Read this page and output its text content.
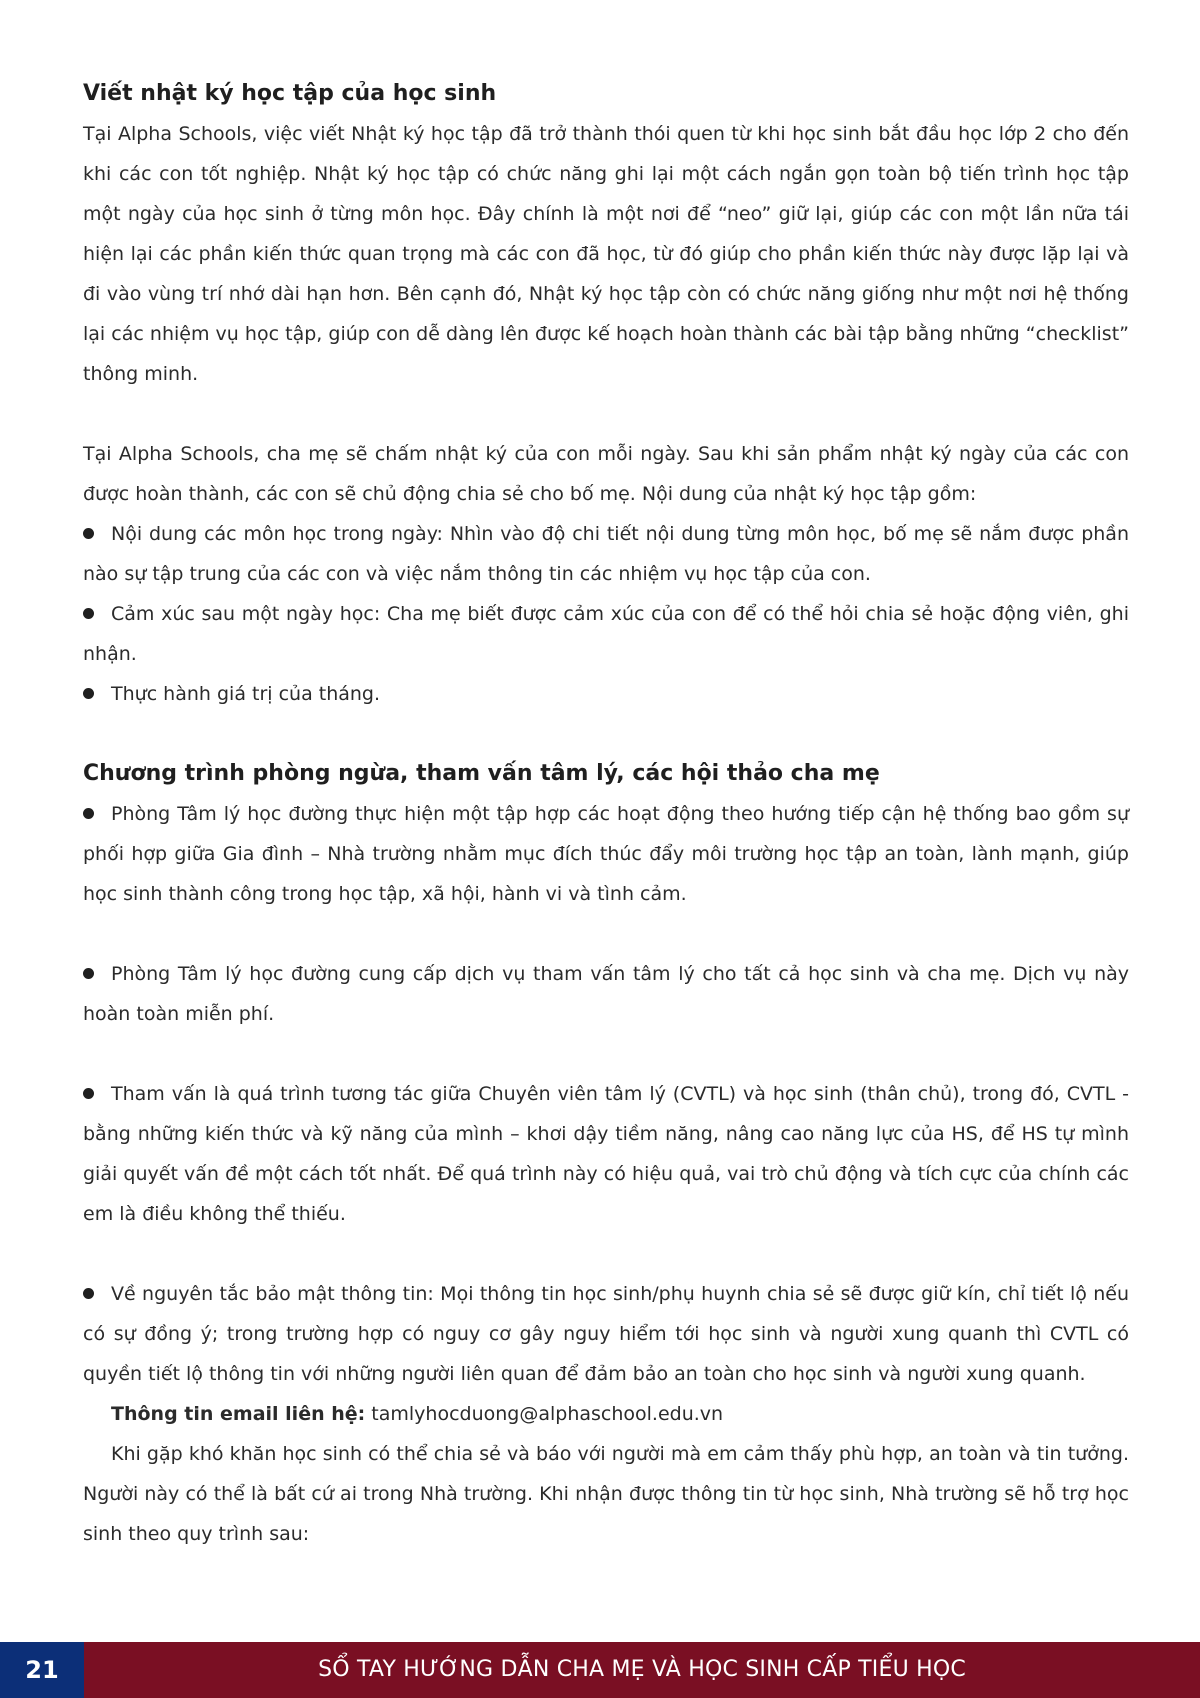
Viết nhật ký học tập của học sinh

Tại Alpha Schools, việc viết Nhật ký học tập đã trở thành thói quen từ khi học sinh bắt đầu học lớp 2 cho đến khi các con tốt nghiệp. Nhật ký học tập có chức năng ghi lại một cách ngắn gọn toàn bộ tiến trình học tập một ngày của học sinh ở từng môn học. Đây chính là một nơi để “neo” giữ lại, giúp các con một lần nữa tái hiện lại các phần kiến thức quan trọng mà các con đã học, từ đó giúp cho phần kiến thức này được lặp lại và đi vào vùng trí nhớ dài hạn hơn. Bên cạnh đó, Nhật ký học tập còn có chức năng giống như một nơi hệ thống lại các nhiệm vụ học tập, giúp con dễ dàng lên được kế hoạch hoàn thành các bài tập bằng những “checklist” thông minh.

Tại Alpha Schools, cha mẹ sẽ chấm nhật ký của con mỗi ngày. Sau khi sản phẩm nhật ký ngày của các con được hoàn thành, các con sẽ chủ động chia sẻ cho bố mẹ. Nội dung của nhật ký học tập gồm:

Nội dung các môn học trong ngày: Nhìn vào độ chi tiết nội dung từng môn học, bố mẹ sẽ nắm được phần nào sự tập trung của các con và việc nắm thông tin các nhiệm vụ học tập của con.

Cảm xúc sau một ngày học: Cha mẹ biết được cảm xúc của con để có thể hỏi chia sẻ hoặc động viên, ghi nhận.

Thực hành giá trị của tháng.

Chương trình phòng ngừa, tham vấn tâm lý, các hội thảo cha mẹ

Phòng Tâm lý học đường thực hiện một tập hợp các hoạt động theo hướng tiếp cận hệ thống bao gồm sự phối hợp giữa Gia đình – Nhà trường nhằm mục đích thúc đẩy môi trường học tập an toàn, lành mạnh, giúp học sinh thành công trong học tập, xã hội, hành vi và tình cảm.

Phòng Tâm lý học đường cung cấp dịch vụ tham vấn tâm lý cho tất cả học sinh và cha mẹ. Dịch vụ này hoàn toàn miễn phí.

Tham vấn là quá trình tương tác giữa Chuyên viên tâm lý (CVTL) và học sinh (thân chủ), trong đó, CVTL - bằng những kiến thức và kỹ năng của mình – khơi dậy tiềm năng, nâng cao năng lực của HS, để HS tự mình giải quyết vấn đề một cách tốt nhất. Để quá trình này có hiệu quả, vai trò chủ động và tích cực của chính các em là điều không thể thiếu.

Về nguyên tắc bảo mật thông tin: Mọi thông tin học sinh/phụ huynh chia sẻ sẽ được giữ kín, chỉ tiết lộ nếu có sự đồng ý; trong trường hợp có nguy cơ gây nguy hiểm tới học sinh và người xung quanh thì CVTL có quyền tiết lộ thông tin với những người liên quan để đảm bảo an toàn cho học sinh và người xung quanh.

Thông tin email liên hệ: tamlyhocduong@alphaschool.edu.vn

Khi gặp khó khăn học sinh có thể chia sẻ và báo với người mà em cảm thấy phù hợp, an toàn và tin tưởng. Người này có thể là bất cứ ai trong Nhà trường. Khi nhận được thông tin từ học sinh, Nhà trường sẽ hỗ trợ học sinh theo quy trình sau:

21	SỔ TAY HƯỚNG DẪN CHA MẸ VÀ HỌC SINH CẤP TIỂU HỌC
